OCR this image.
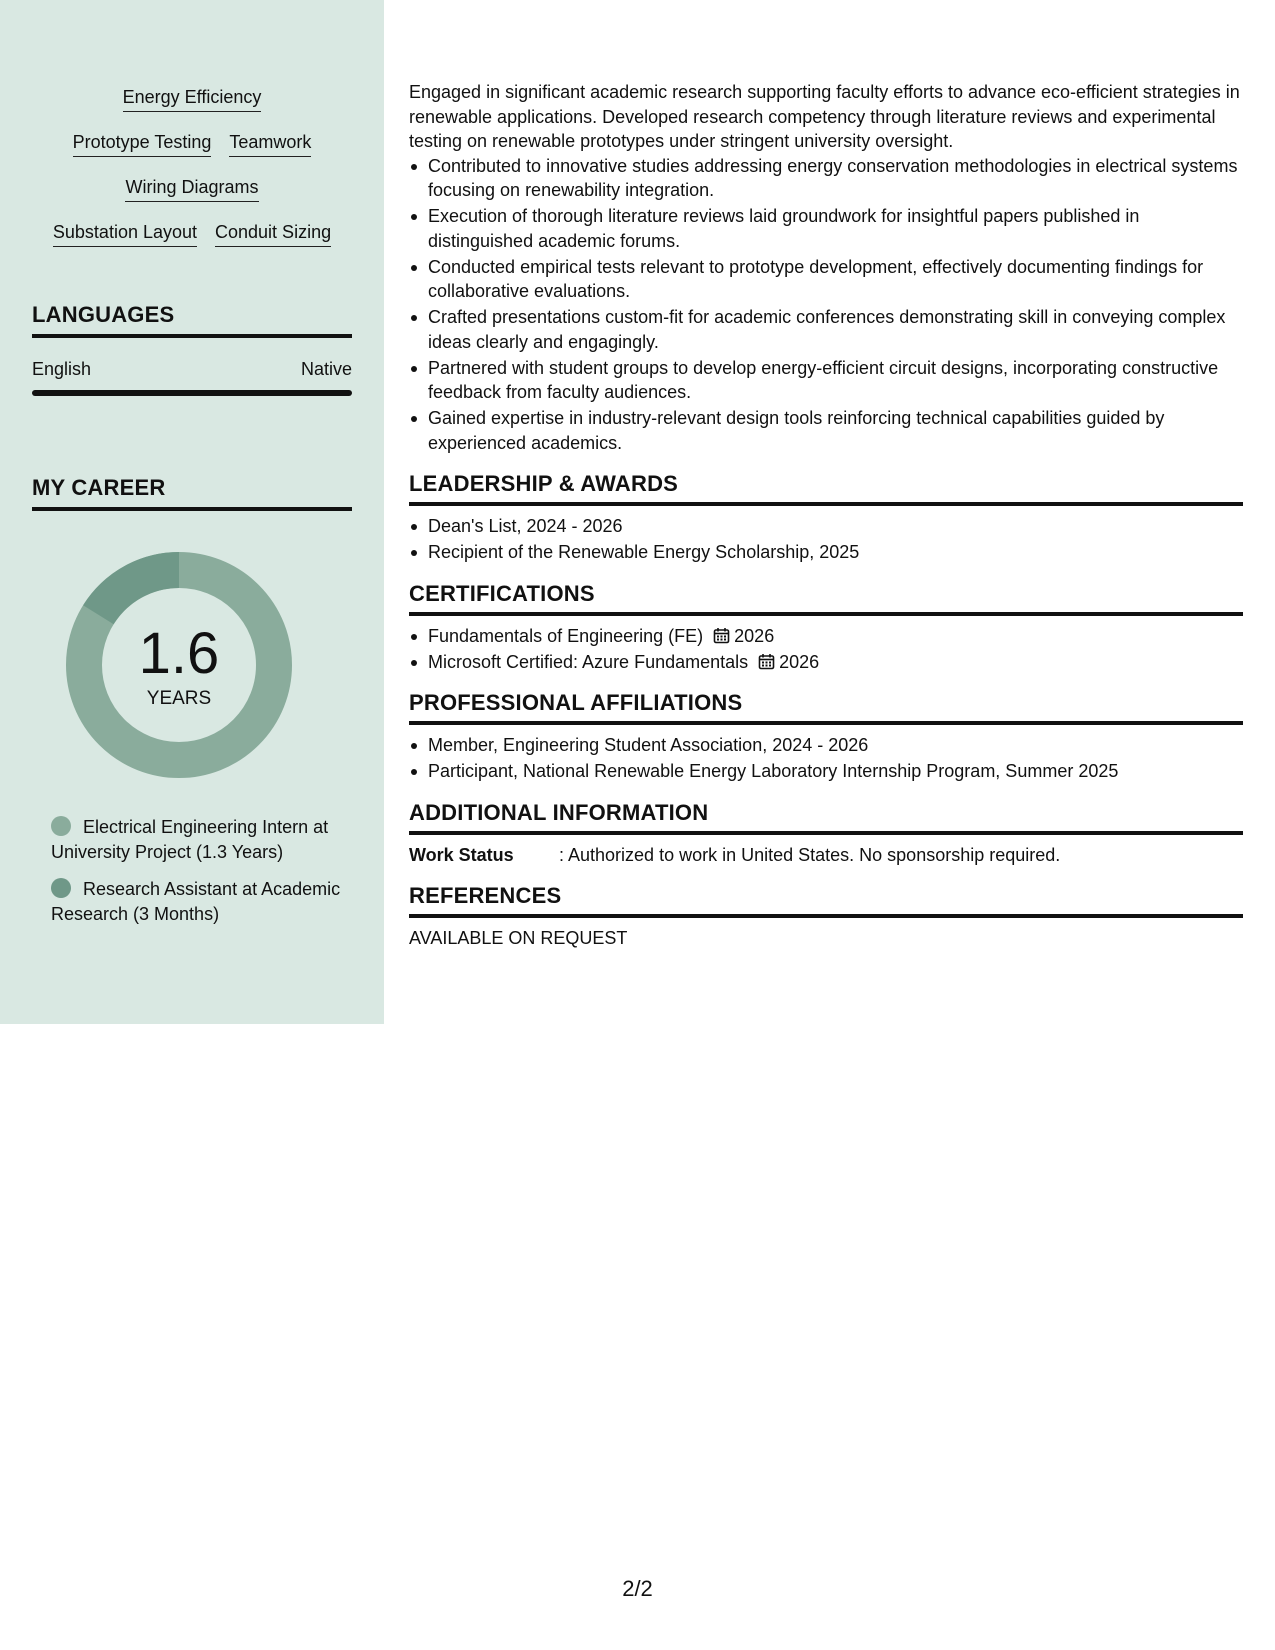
Energy Efficiency
Prototype Testing Teamwork
Wiring Diagrams
Substation Layout Conduit Sizing
LANGUAGES
English	Native
MY CAREER
1.6
YEARS
Electrical Engineering Intern at University Project (1.3 Years)
Research Assistant at Academic Research (3 Months)

Engaged in significant academic research supporting faculty efforts to advance eco-efficient strategies in renewable applications. Developed research competency through literature reviews and experimental testing on renewable prototypes under stringent university oversight.

Contributed to innovative studies addressing energy conservation methodologies in electrical systems focusing on renewability integration.
Execution of thorough literature reviews laid groundwork for insightful papers published in distinguished academic forums.
Conducted empirical tests relevant to prototype development, effectively documenting findings for collaborative evaluations.
Crafted presentations custom-fit for academic conferences demonstrating skill in conveying complex ideas clearly and engagingly.
Partnered with student groups to develop energy-efficient circuit designs, incorporating constructive feedback from faculty audiences.
Gained expertise in industry-relevant design tools reinforcing technical capabilities guided by experienced academics.
LEADERSHIP & AWARDS
Dean's List, 2024 - 2026
Recipient of the Renewable Energy Scholarship, 2025
CERTIFICATIONS
Fundamentals of Engineering (FE) 2026
Microsoft Certified: Azure Fundamentals 2026
PROFESSIONAL AFFILIATIONS
Member, Engineering Student Association, 2024 - 2026
Participant, National Renewable Energy Laboratory Internship Program, Summer 2025
ADDITIONAL INFORMATION
Work Status	: Authorized to work in United States. No sponsorship required.
REFERENCES
AVAILABLE ON REQUEST
2/2
